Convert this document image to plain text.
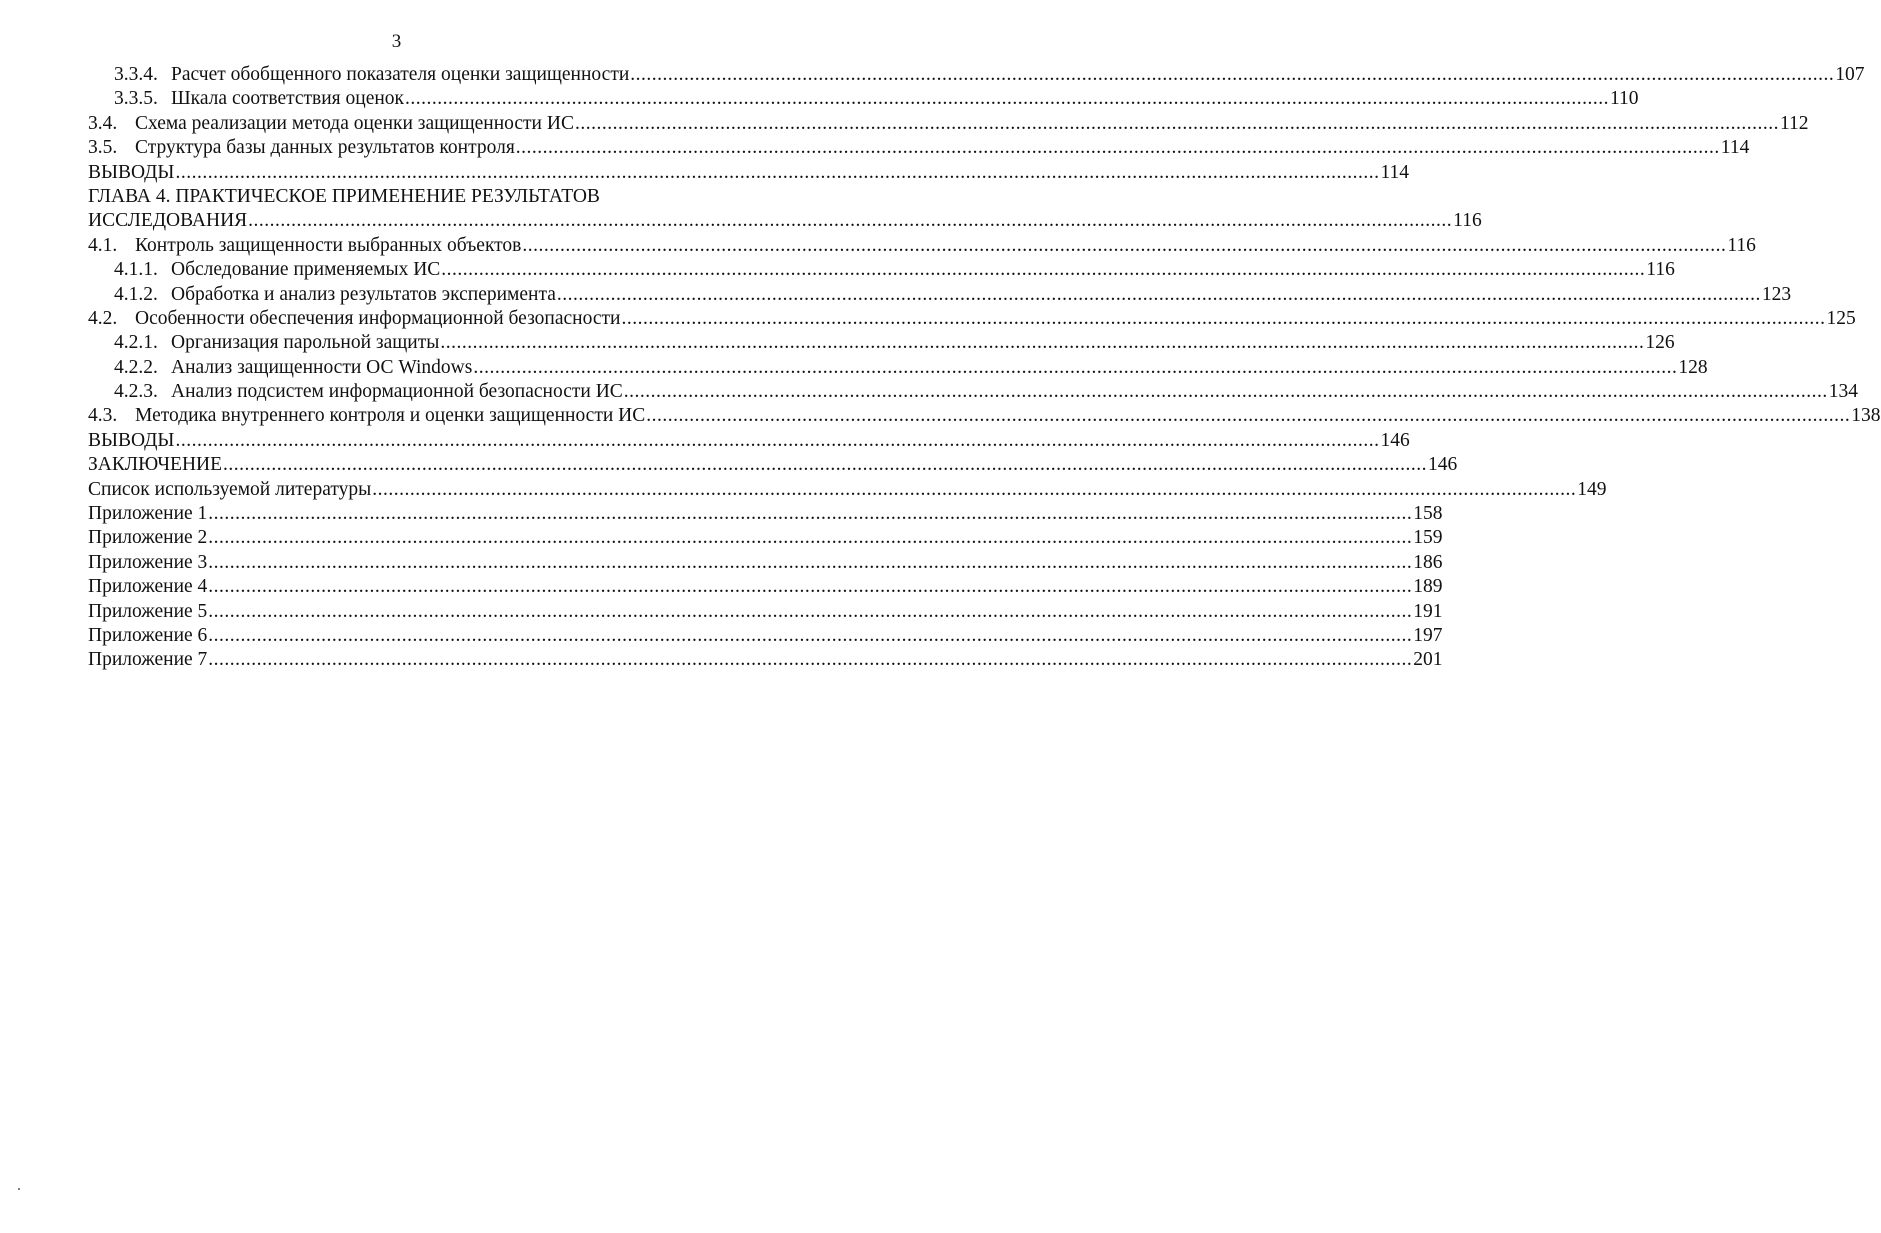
3
3.3.4. Расчет обобщенного показателя оценки защищенности .....	107
3.3.5. Шкала соответствия оценок .....	110
3.4. Схема реализации метода оценки защищенности ИС .....	112
3.5. Структура базы данных результатов контроля .....	114
ВЫВОДЫ .....	114
ГЛАВА 4. ПРАКТИЧЕСКОЕ ПРИМЕНЕНИЕ РЕЗУЛЬТАТОВ
ИССЛЕДОВАНИЯ .....	116
4.1. Контроль защищенности выбранных объектов .....	116
4.1.1. Обследование применяемых ИС .....	116
4.1.2. Обработка и анализ результатов эксперимента .....	123
4.2. Особенности обеспечения информационной безопасности .....	125
4.2.1. Организация парольной защиты .....	126
4.2.2. Анализ защищенности ОС Windows .....	128
4.2.3. Анализ подсистем информационной безопасности ИС .....	134
4.3. Методика внутреннего контроля и оценки защищенности ИС .....	138
ВЫВОДЫ .....	146
ЗАКЛЮЧЕНИЕ .....	146
Список используемой литературы .....	149
Приложение 1 .....	158
Приложение 2 .....	159
Приложение 3 .....	186
Приложение 4 .....	189
Приложение 5 .....	191
Приложение 6 .....	197
Приложение 7 .....	201
